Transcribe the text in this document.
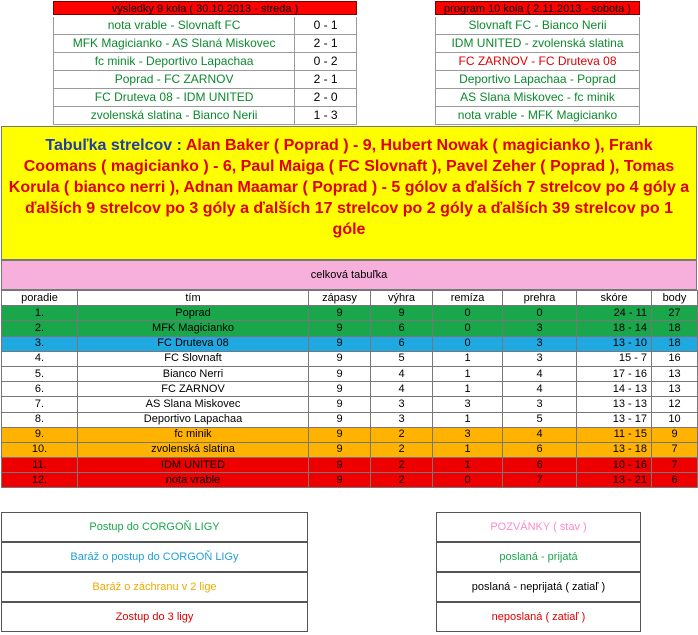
výsledky 9 kola ( 30.10.2013 - streda )	program 10 kola ( 2.11.2013 - sobota )
nota vrable - Slovnaft FC	0 - 1
MFK Magicianko - AS Slaná Miskovec	2 - 1
fc minik - Deportivo Lapachaa	0 - 2
Poprad - FC ZARNOV	2 - 1
FC Druteva 08 - IDM UNITED	2 - 0
zvolenská slatina - Bianco Nerii	1 - 3
Slovnaft FC - Bianco Nerii
IDM UNITED - zvolenská slatina
FC ZARNOV - FC Druteva 08
Deportivo Lapachaa - Poprad
AS Slana Miskovec - fc minik
nota vrable - MFK Magicianko
Tabuľka strelcov : Alan Baker ( Poprad ) - 9, Hubert Nowak ( magicianko ), Frank Coomans ( magicianko ) - 6, Paul Maiga ( FC Slovnaft ), Pavel Zeher ( Poprad ), Tomas Korula ( bianco nerri ), Adnan Maamar ( Poprad ) - 5 gólov a ďalších 7 strelcov po 4 góly a ďalších 9 strelcov po 3 góly a ďalších 17 strelcov po 2 góly a ďalších 39 strelcov po 1 góle
celková tabuľka
poradie	tím	zápasy	výhra	remíza	prehra	skóre	body
1.	Poprad	9	9	0	0	24 - 11	27
2.	MFK Magicianko	9	6	0	3	18 - 14	18
3.	FC Druteva 08	9	6	0	3	13 - 10	18
4.	FC Slovnaft	9	5	1	3	15 - 7	16
5.	Bianco Nerri	9	4	1	4	17 - 16	13
6.	FC ZARNOV	9	4	1	4	14 - 13	13
7.	AS Slana Miskovec	9	3	3	3	13 - 13	12
8.	Deportivo Lapachaa	9	3	1	5	13 - 17	10
9.	fc minik	9	2	3	4	11 - 15	9
10.	zvolenská slatina	9	2	1	6	13 - 18	7
11.	IDM UNITED	9	2	1	6	10 - 16	7
12.	nota vrable	9	2	0	7	13 - 21	6
Postup do CORGOŇ LIGY
Baráž o postup do CORGOŇ LIGy
Baráž o záchranu v 2 lige
Zostup do 3 ligy
POZVÁNKY ( stav )
poslaná - prijatá
poslaná - neprijatá ( zatiaľ )
neposlaná ( zatiaľ )
